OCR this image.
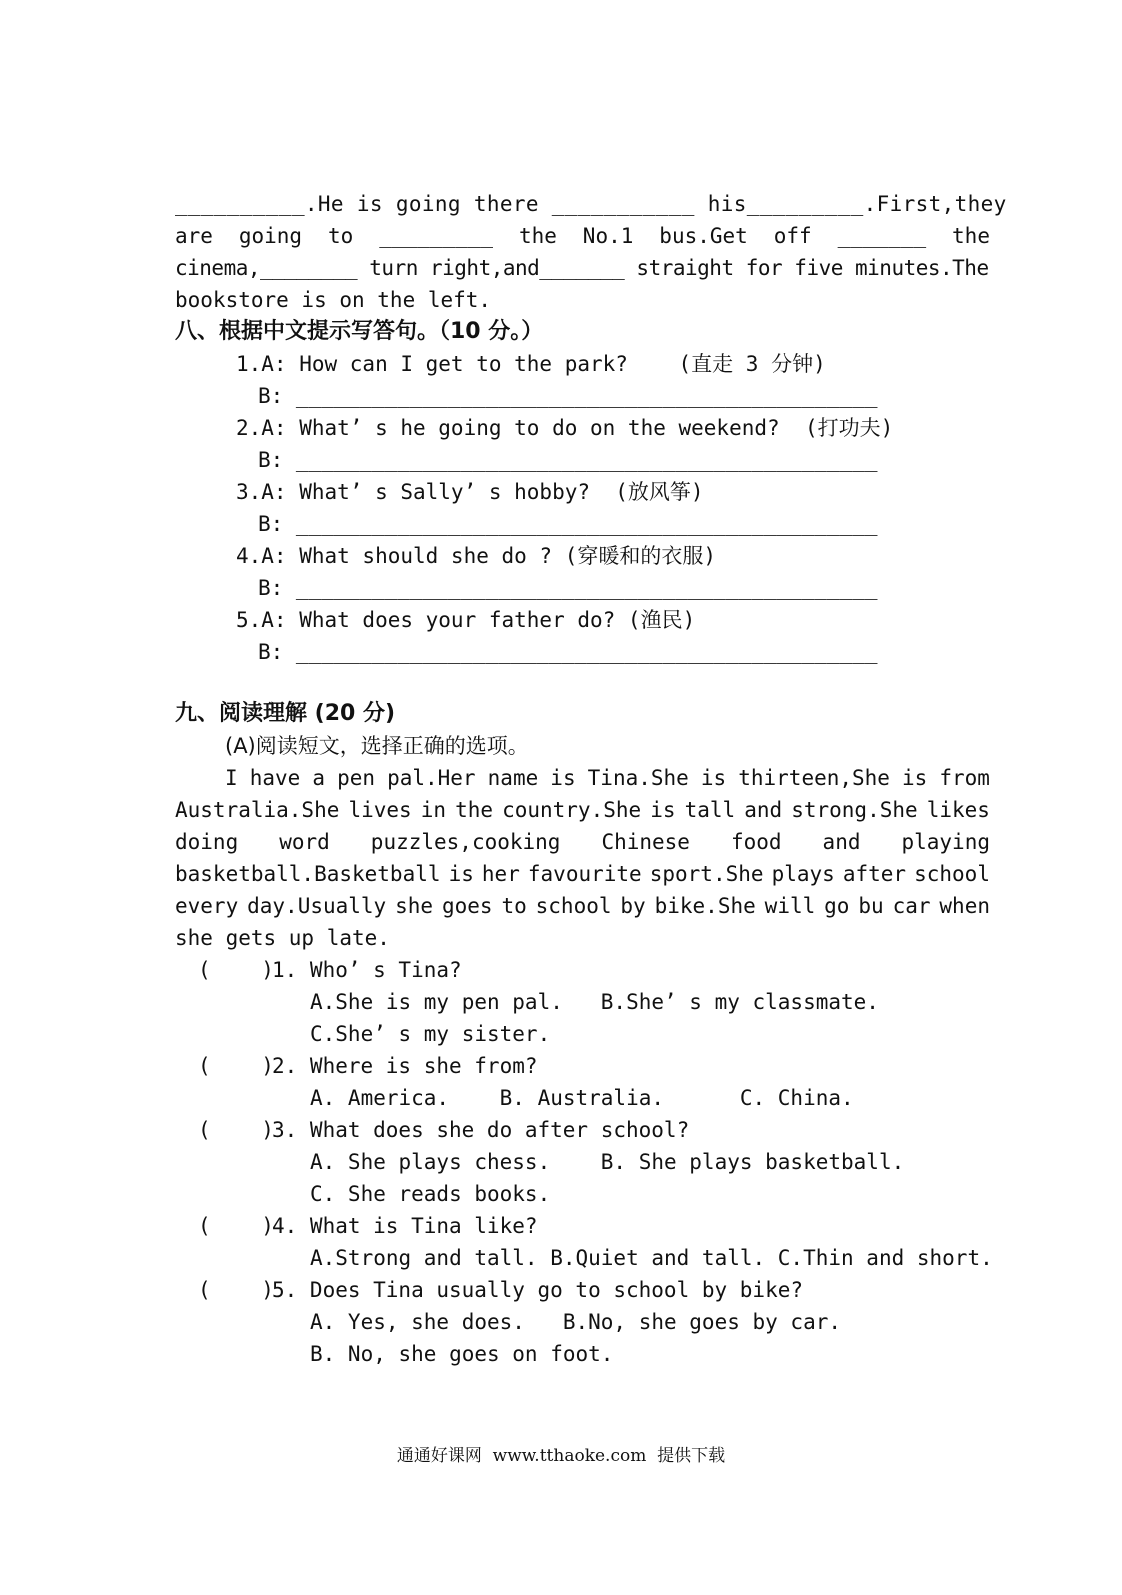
__________.He is going there ___________ his_________.First,they
are going to _________ the No.1 bus.Get off _______ the
cinema,________ turn right,and_______ straight for five minutes.The
bookstore is on the left.
八、根据中文提示写答句。（10 分。）
1.A: How can I get to the park?    (直走 3 分钟)
B: ______________________________________________
2.A: What’ s he going to do on the weekend?  (打功夫)
B: ______________________________________________
3.A: What’ s Sally’ s hobby?  (放风筝)
B: ______________________________________________
4.A: What should she do ? (穿暖和的衣服)
B: ______________________________________________
5.A: What does your father do? (渔民)
B: ______________________________________________
九、阅读理解 (20 分)
(A)阅读短文，选择正确的选项。
I have a pen pal.Her name is Tina.She is thirteen,She is from
Australia.She lives in the country.She is tall and strong.She likes
doing word puzzles,cooking Chinese food and playing
basketball.Basketball is her favourite sport.She plays after school
every day.Usually she goes to school by bike.She will go bu car when
she gets up late.
(    )
1. Who’ s Tina?
A.She is my pen pal.   B.She’ s my classmate.
C.She’ s my sister.
(    )
2. Where is she from?
A. America.    B. Australia.      C. China.
(    )
3. What does she do after school?
A. She plays chess.    B. She plays basketball.
C. She reads books.
(    )
4. What is Tina like?
A.Strong and tall. B.Quiet and tall. C.Thin and short.
(    )
5. Does Tina usually go to school by bike?
A. Yes, she does.   B.No, she goes by car.
B. No, she goes on foot.
通通好课网  www.tthaoke.com  提供下载
